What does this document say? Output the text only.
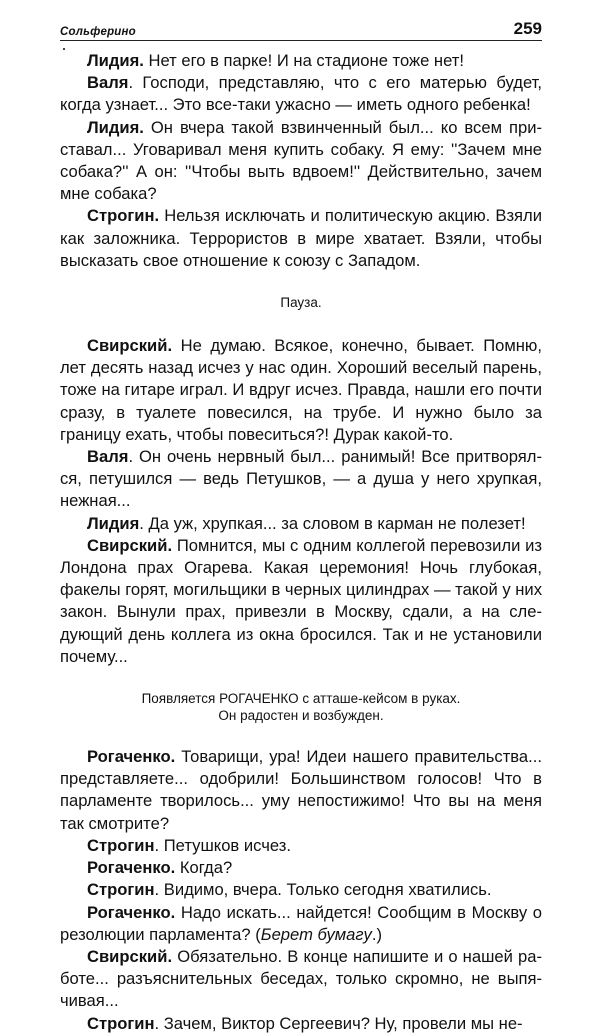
Сольферино	259

Лидия. Нет его в парке! И на стадионе тоже нет!

Валя. Господи, представляю, что с его матерью будет, когда узнает... Это все-таки ужасно — иметь одного ребенка!

Лидия. Он вчера такой взвинченный был... ко всем приставал... Уговаривал меня купить собаку. Я ему: ''Зачем мне собака?'' А он: ''Чтобы выть вдвоем!'' Действительно, зачем мне собака?

Строгин. Нельзя исключать и политическую акцию. Взяли как заложника. Террористов в мире хватает. Взяли, чтобы высказать свое отношение к союзу с Западом.

Пауза.

Свирский. Не думаю. Всякое, конечно, бывает. Помню, лет десять назад исчез у нас один. Хороший веселый парень, тоже на гитаре играл. И вдруг исчез. Правда, нашли его почти сразу, в туалете повесился, на трубе. И нужно было за границу ехать, чтобы повеситься?! Дурак какой-то.

Валя. Он очень нервный был... ранимый! Все притворялся, петушился — ведь Петушков, — а душа у него хрупкая, нежная...

Лидия. Да уж, хрупкая... за словом в карман не полезет!

Свирский. Помнится, мы с одним коллегой перевозили из Лондона прах Огарева. Какая церемония! Ночь глубокая, факелы горят, могильщики в черных цилиндрах — такой у них закон. Вынули прах, привезли в Москву, сдали, а на следующий день коллега из окна бросился. Так и не установили почему...

Появляется РОГАЧЕНКО с атташе-кейсом в руках.
Он радостен и возбужден.

Рогаченко. Товарищи, ура! Идеи нашего правительства... представляете... одобрили! Большинством голосов! Что в парламенте творилось... уму непостижимо! Что вы на меня так смотрите?

Строгин. Петушков исчез.

Рогаченко. Когда?

Строгин. Видимо, вчера. Только сегодня хватились.

Рогаченко. Надо искать... найдется! Сообщим в Москву о резолюции парламента? (Берет бумагу.)

Свирский. Обязательно. В конце напишите и о нашей работе... разъяснительных беседах, только скромно, не выпячивая...

Строгин. Зачем, Виктор Сергеевич? Ну, провели мы не-
